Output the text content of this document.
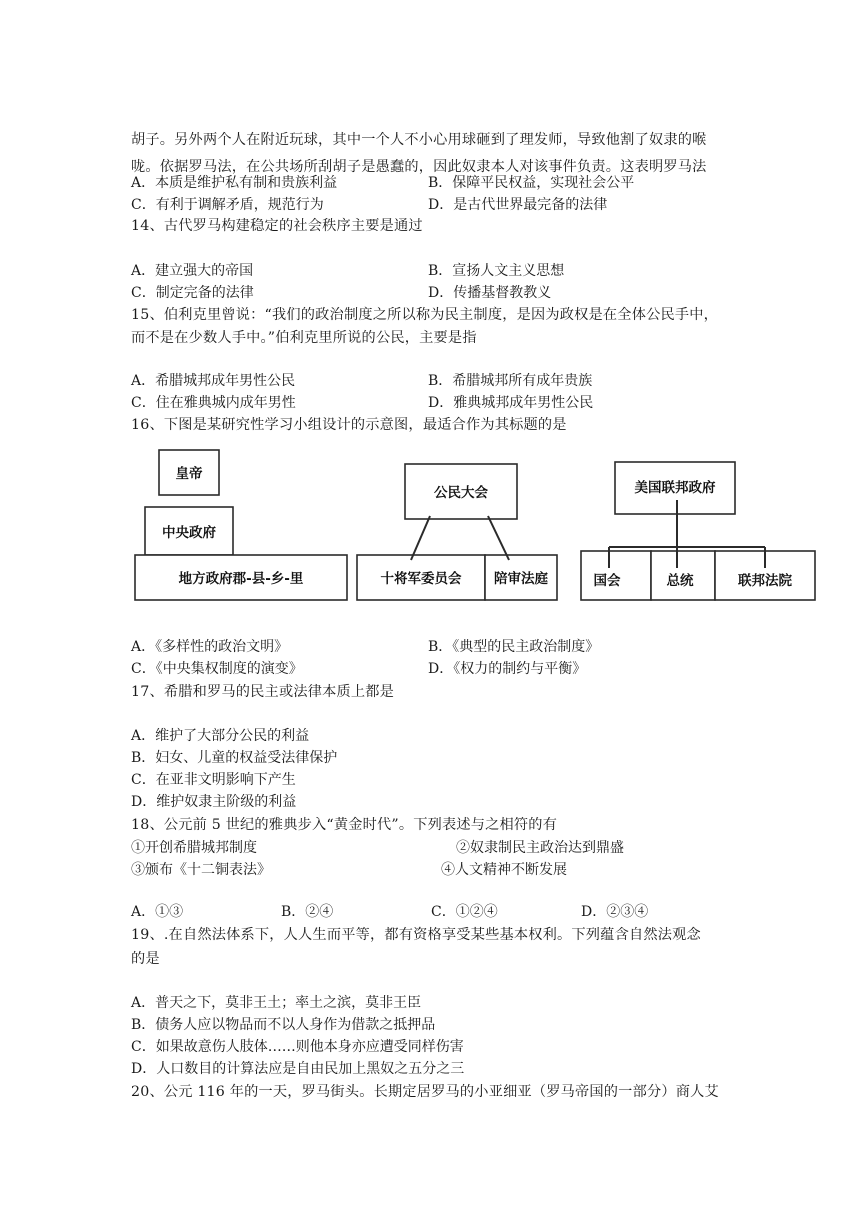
胡子。另外两个人在附近玩球，其中一个人不小心用球砸到了理发师，导致他割了奴隶的喉
咙。依据罗马法，在公共场所刮胡子是愚蠢的，因此奴隶本人对该事件负责。这表明罗马法
A．本质是维护私有制和贵族利益	B．保障平民权益，实现社会公平
C．有利于调解矛盾，规范行为	D．是古代世界最完备的法律
14、古代罗马构建稳定的社会秩序主要是通过
A．建立强大的帝国	B．宣扬人文主义思想
C．制定完备的法律	D．传播基督教教义
15、伯利克里曾说：“我们的政治制度之所以称为民主制度，是因为政权是在全体公民手中，
而不是在少数人手中。”伯利克里所说的公民，主要是指
A．希腊城邦成年男性公民	B．希腊城邦所有成年贵族
C．住在雅典城内成年男性	D．雅典城邦成年男性公民
16、下图是某研究性学习小组设计的示意图，最适合作为其标题的是
皇帝
中央政府
地方政府郡-县-乡-里
公民大会
十将军委员会 陪审法庭
美国联邦政府
国会	总统	联邦法院
A．《多样性的政治文明》	B．《典型的民主政治制度》
C．《中央集权制度的演变》	D．《权力的制约与平衡》
17、希腊和罗马的民主或法律本质上都是
A．维护了大部分公民的利益
B．妇女、儿童的权益受法律保护
C．在亚非文明影响下产生
D．维护奴隶主阶级的利益
18、公元前 5 世纪的雅典步入“黄金时代”。下列表述与之相符的有
①开创希腊城邦制度	②奴隶制民主政治达到鼎盛
③颁布《十二铜表法》	④人文精神不断发展
A．①③	B．②④	C．①②④	D．②③④
19、.在自然法体系下，人人生而平等，都有资格享受某些基本权利。下列蕴含自然法观念
的是
A．普天之下，莫非王土；率土之滨，莫非王臣
B．债务人应以物品而不以人身作为借款之抵押品
C．如果故意伤人肢体……则他本身亦应遭受同样伤害
D．人口数目的计算法应是自由民加上黑奴之五分之三
20、公元 116 年的一天，罗马街头。长期定居罗马的小亚细亚（罗马帝国的一部分）商人艾
